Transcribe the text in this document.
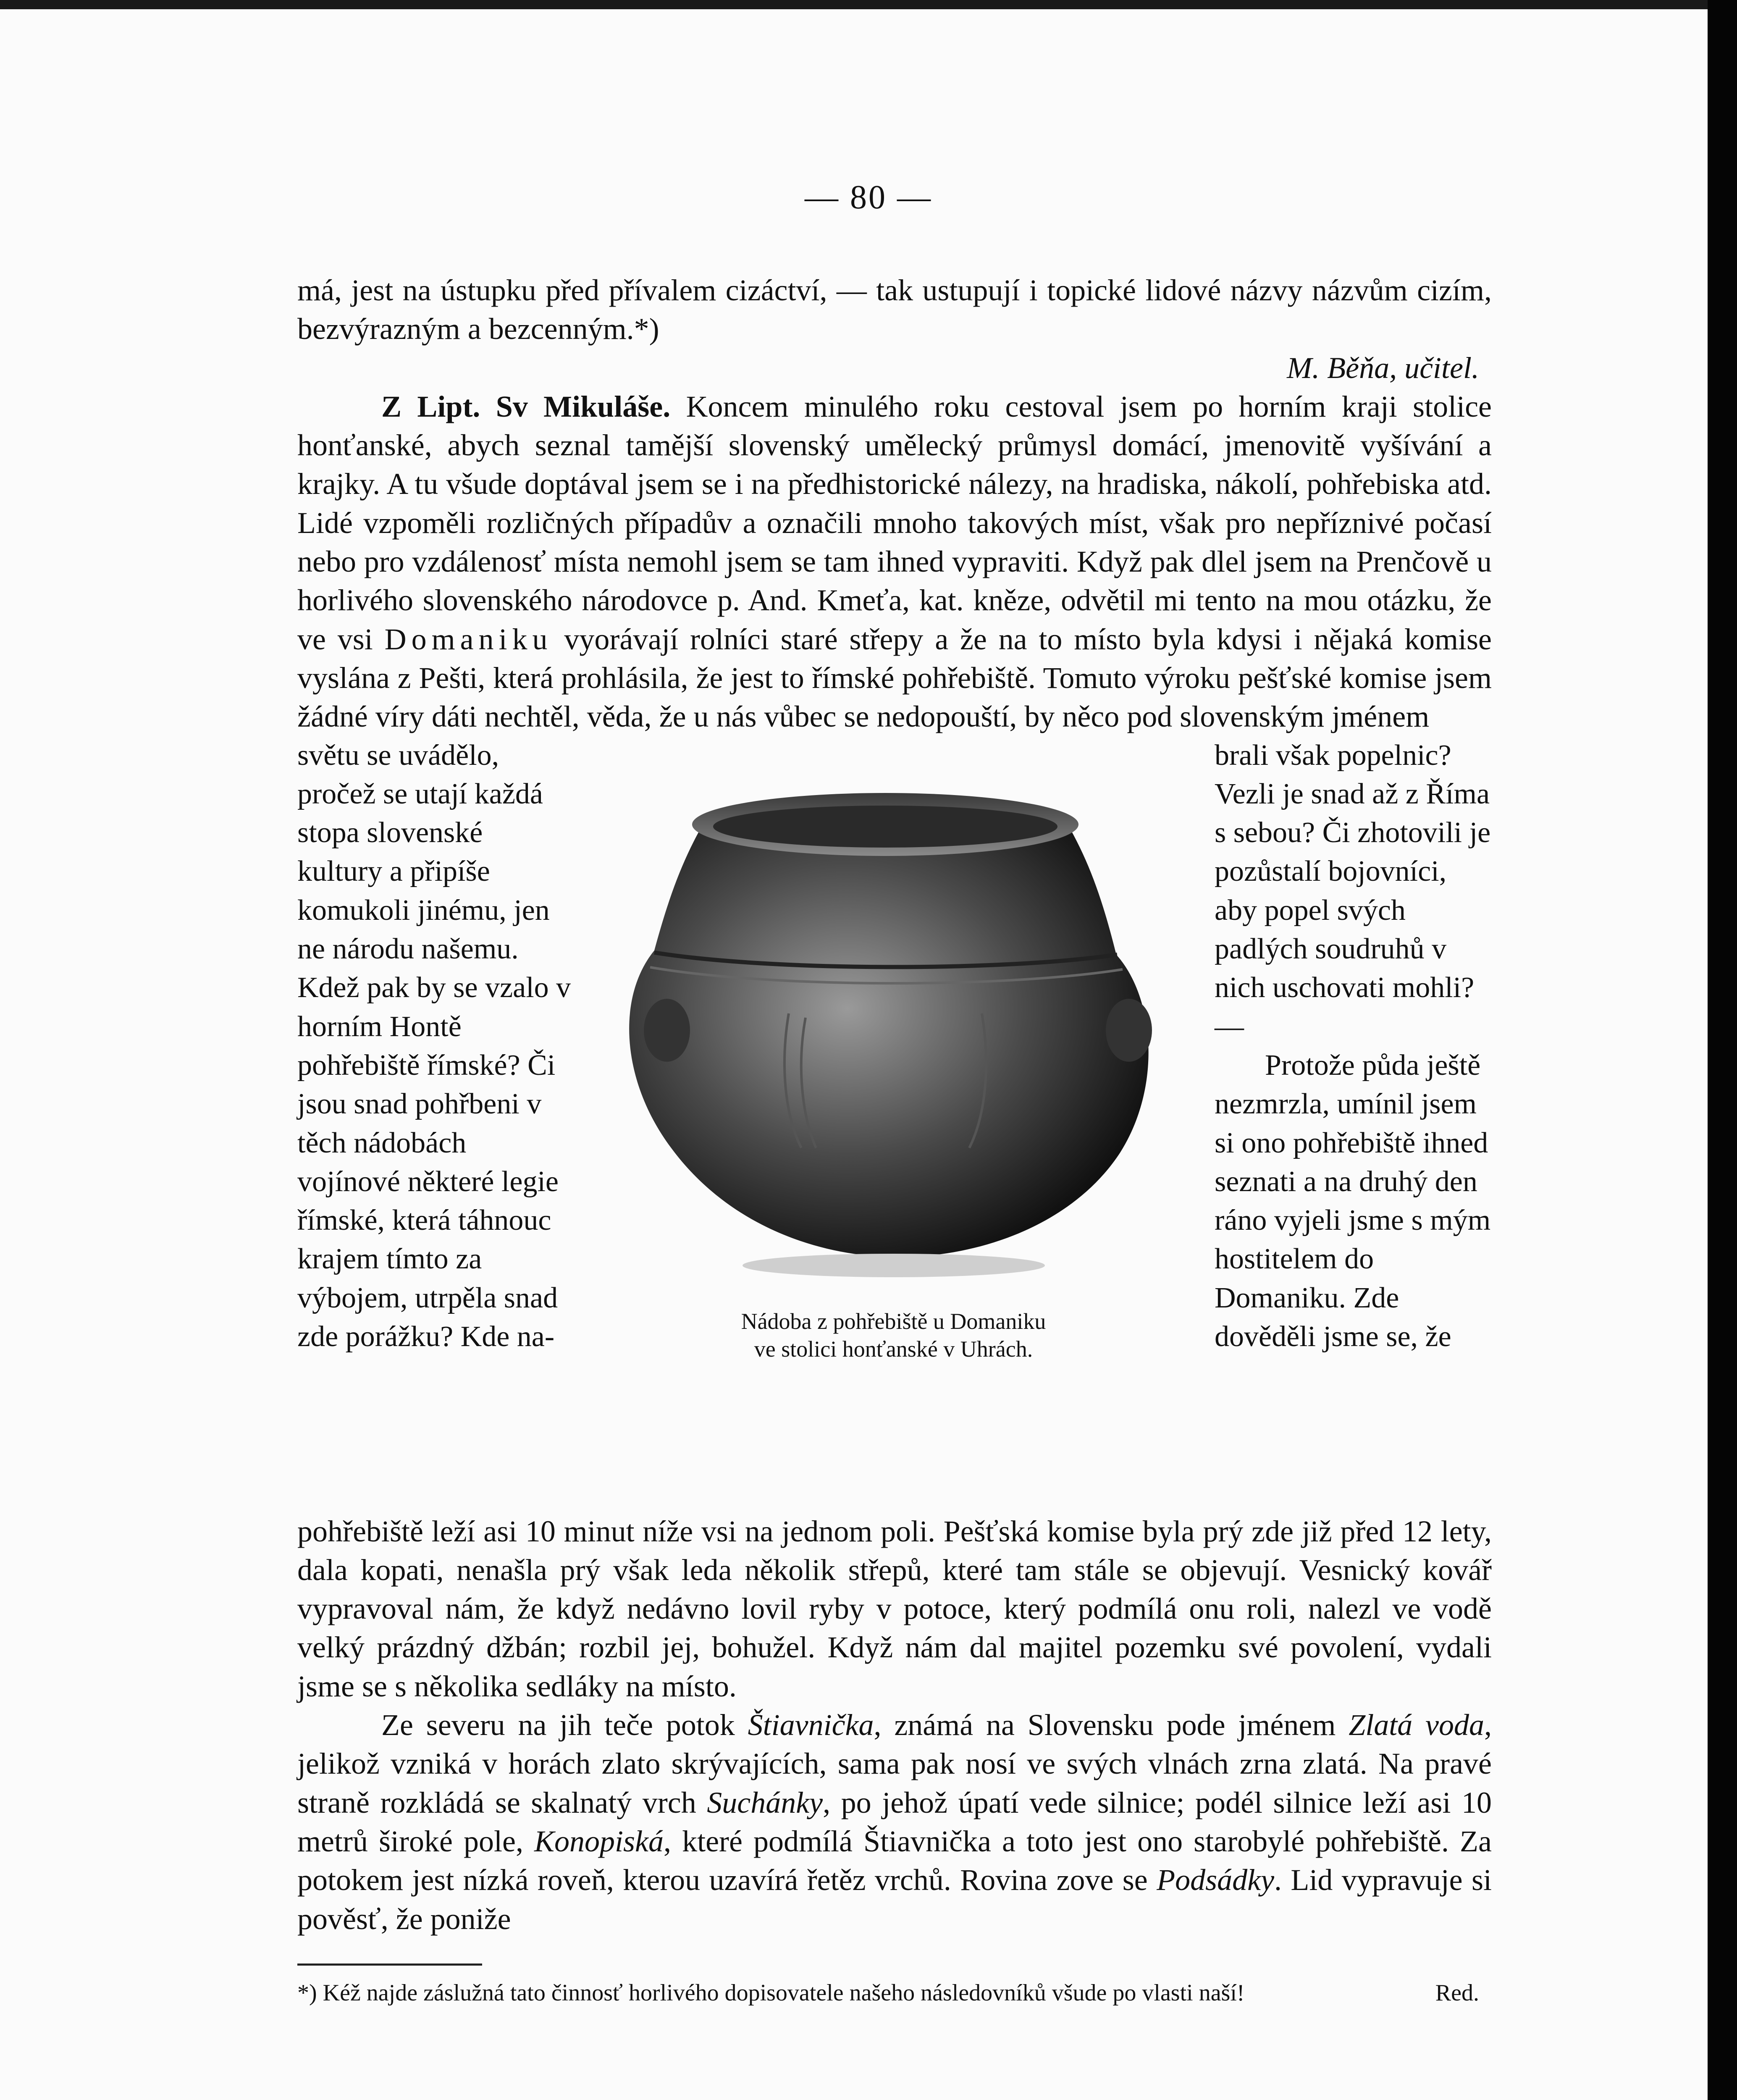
— 80 —

má, jest na ústupku před přívalem cizáctví, — tak ustupují i topické lidové názvy názvům cizím, bezvýrazným a bezcenným.*)

M. Běňa, učitel.

Z Lipt. Sv Mikuláše. Koncem minulého roku cestoval jsem po horním kraji stolice honťanské, abych seznal tamější slovenský umělecký průmysl domácí, jmenovitě vyšívání a krajky. A tu všude doptával jsem se i na předhistorické nálezy, na hradiska, nákolí, pohřebiska atd. Lidé vzpoměli rozličných případův a označili mnoho takových míst, však pro nepříznivé počasí nebo pro vzdálenosť místa nemohl jsem se tam ihned vypraviti. Když pak dlel jsem na Prenčově u horlivého slovenského národovce p. And. Kmeťa, kat. kněze, odvětil mi tento na mou otázku, že ve vsi Domaniku vyorávají rolníci staré střepy a že na to místo byla kdysi i nějaká komise vyslána z Pešti, která prohlásila, že jest to římské pohřebiště. Tomuto výroku pešťské komise jsem žádné víry dáti nechtěl, věda, že u nás vůbec se nedopouští, by něco pod slovenským jménem

světu se uvádělo, pročež se utají každá stopa slovenské kultury a připíše komukoli jinému, jen ne národu našemu. Kdež pak by se vzalo v horním Hontě pohřebiště římské? Či jsou snad pohřbeni v těch nádobách vojínové některé legie římské, která táhnouc krajem tímto za výbojem, utrpěla snad zde porážku? Kde na-
brali však popelnic? Vezli je snad až z Říma s sebou? Či zhotovili je pozůstalí bojovníci, aby popel svých padlých soudruhů v nich uschovati mohli? —
Protože půda ještě nezmrzla, umínil jsem si ono pohřebiště ihned seznati a na druhý den ráno vyjeli jsme s mým hostitelem do Domaniku. Zde dověděli jsme se, že
Nádoba z pohřebiště u Domaniku
ve stolici honťanské v Uhrách.

pohřebiště leží asi 10 minut níže vsi na jednom poli. Pešťská komise byla prý zde již před 12 lety, dala kopati, nenašla prý však leda několik střepů, které tam stále se objevují. Vesnický kovář vypravoval nám, že když nedávno lovil ryby v potoce, který podmílá onu roli, nalezl ve vodě velký prázdný džbán; rozbil jej, bohužel. Když nám dal majitel pozemku své povolení, vydali jsme se s několika sedláky na místo.

Ze severu na jih teče potok Štiavnička, známá na Slovensku pode jménem Zlatá voda, jelikož vzniká v horách zlato skrývajících, sama pak nosí ve svých vlnách zrna zlatá. Na pravé straně rozkládá se skalnatý vrch Suchánky, po jehož úpatí vede silnice; podél silnice leží asi 10 metrů široké pole, Konopiská, které podmílá Štiavnička a toto jest ono starobylé pohřebiště. Za potokem jest nízká roveň, kterou uzavírá řetěz vrchů. Rovina zove se Podsádky. Lid vypravuje si pověsť, že poniže

*) Kéž najde záslužná tato činnosť horlivého dopisovatele našeho následovníků všude po vlasti naší!	Red.
